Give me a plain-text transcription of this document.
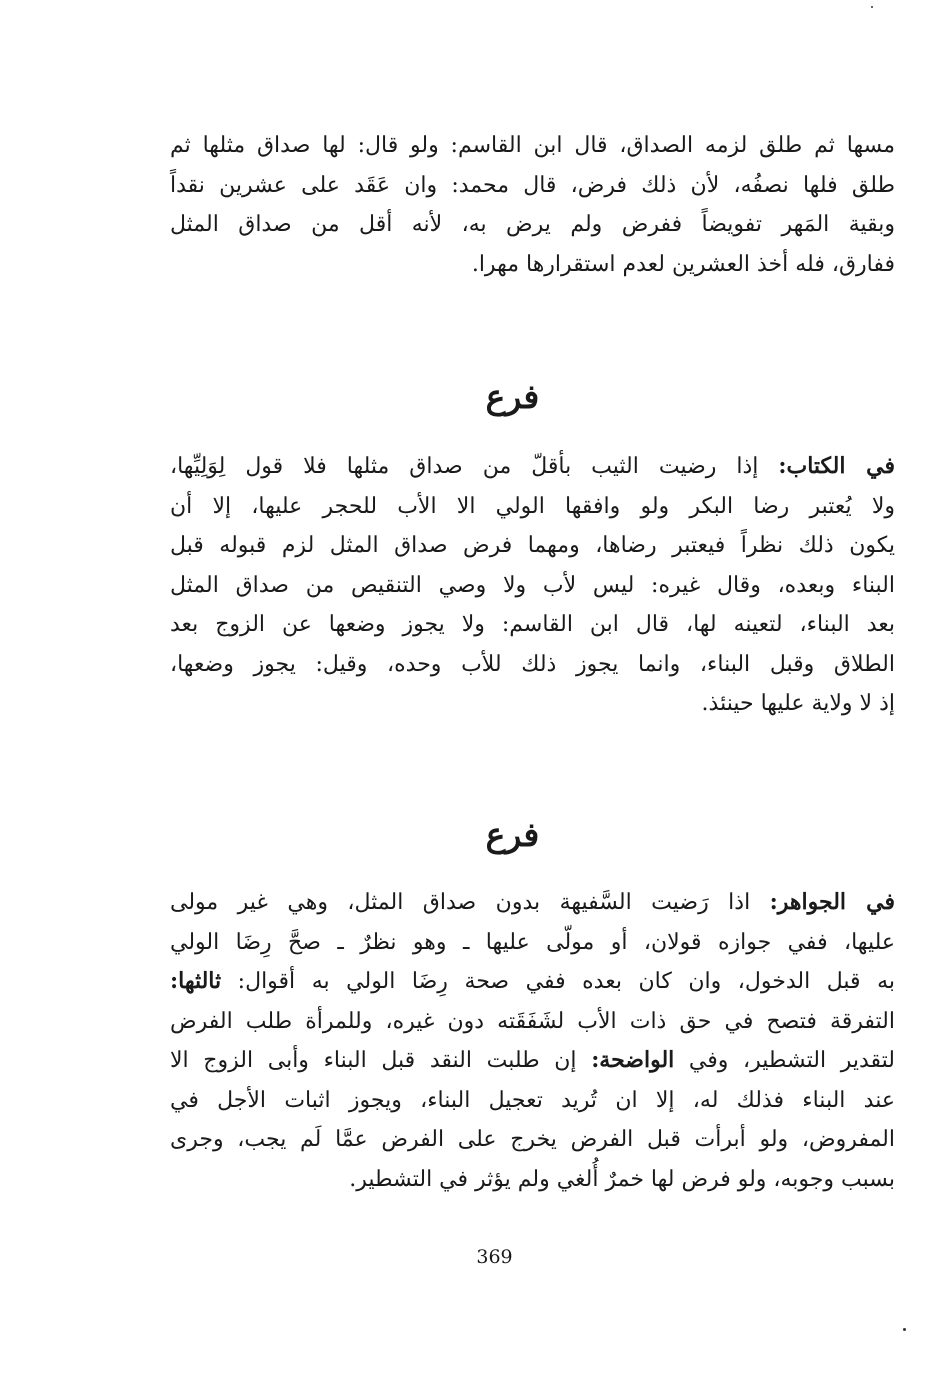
مسها ثم طلق لزمه الصداق، قال ابن القاسم: ولو قال: لها صداق مثلها ثم
طلق فلها نصفُه، لأن ذلك فرض، قال محمد: وان عَقَد على عشرين نقداً
وبقية المَهر تفويضاً ففرض ولم يرض به، لأنه أقل من صداق المثل
ففارق، فله أخذ العشرين لعدم استقرارها مهرا.
فرع
في الكتاب: إذا رضيت الثيب بأقلّ من صداق مثلها فلا قول لِوَلِيِّها،
ولا يُعتبر رضا البكر ولو وافقها الولي الا الأب للحجر عليها، إلا أن
يكون ذلك نظراً فيعتبر رضاها، ومهما فرض صداق المثل لزم قبوله قبل
البناء وبعده، وقال غيره: ليس لأب ولا وصي التنقيص من صداق المثل
بعد البناء، لتعينه لها، قال ابن القاسم: ولا يجوز وضعها عن الزوج بعد
الطلاق وقبل البناء، وانما يجوز ذلك للأب وحده، وقيل: يجوز وضعها،
إذ لا ولاية عليها حينئذ.
فرع
في الجواهر: اذا رَضيت السَّفيهة بدون صداق المثل، وهي غير مولى
عليها، ففي جوازه قولان، أو مولّى عليها ـ وهو نظرٌ ـ صحَّ رِضَا الولي
به قبل الدخول، وان كان بعده ففي صحة رِضَا الولي به أقوال: ثالثها:
التفرقة فتصح في حق ذات الأب لشَفَقَته دون غيره، وللمرأة طلب الفرض
لتقدير التشطير، وفي الواضحة: إن طلبت النقد قبل البناء وأبى الزوج الا
عند البناء فذلك له، إلا ان تُريد تعجيل البناء، ويجوز اثبات الأجل في
المفروض، ولو أبرأت قبل الفرض يخرج على الفرض عمَّا لَم يجب، وجرى
بسبب وجوبه، ولو فرض لها خمرٌ أُلغي ولم يؤثر في التشطير.
369
